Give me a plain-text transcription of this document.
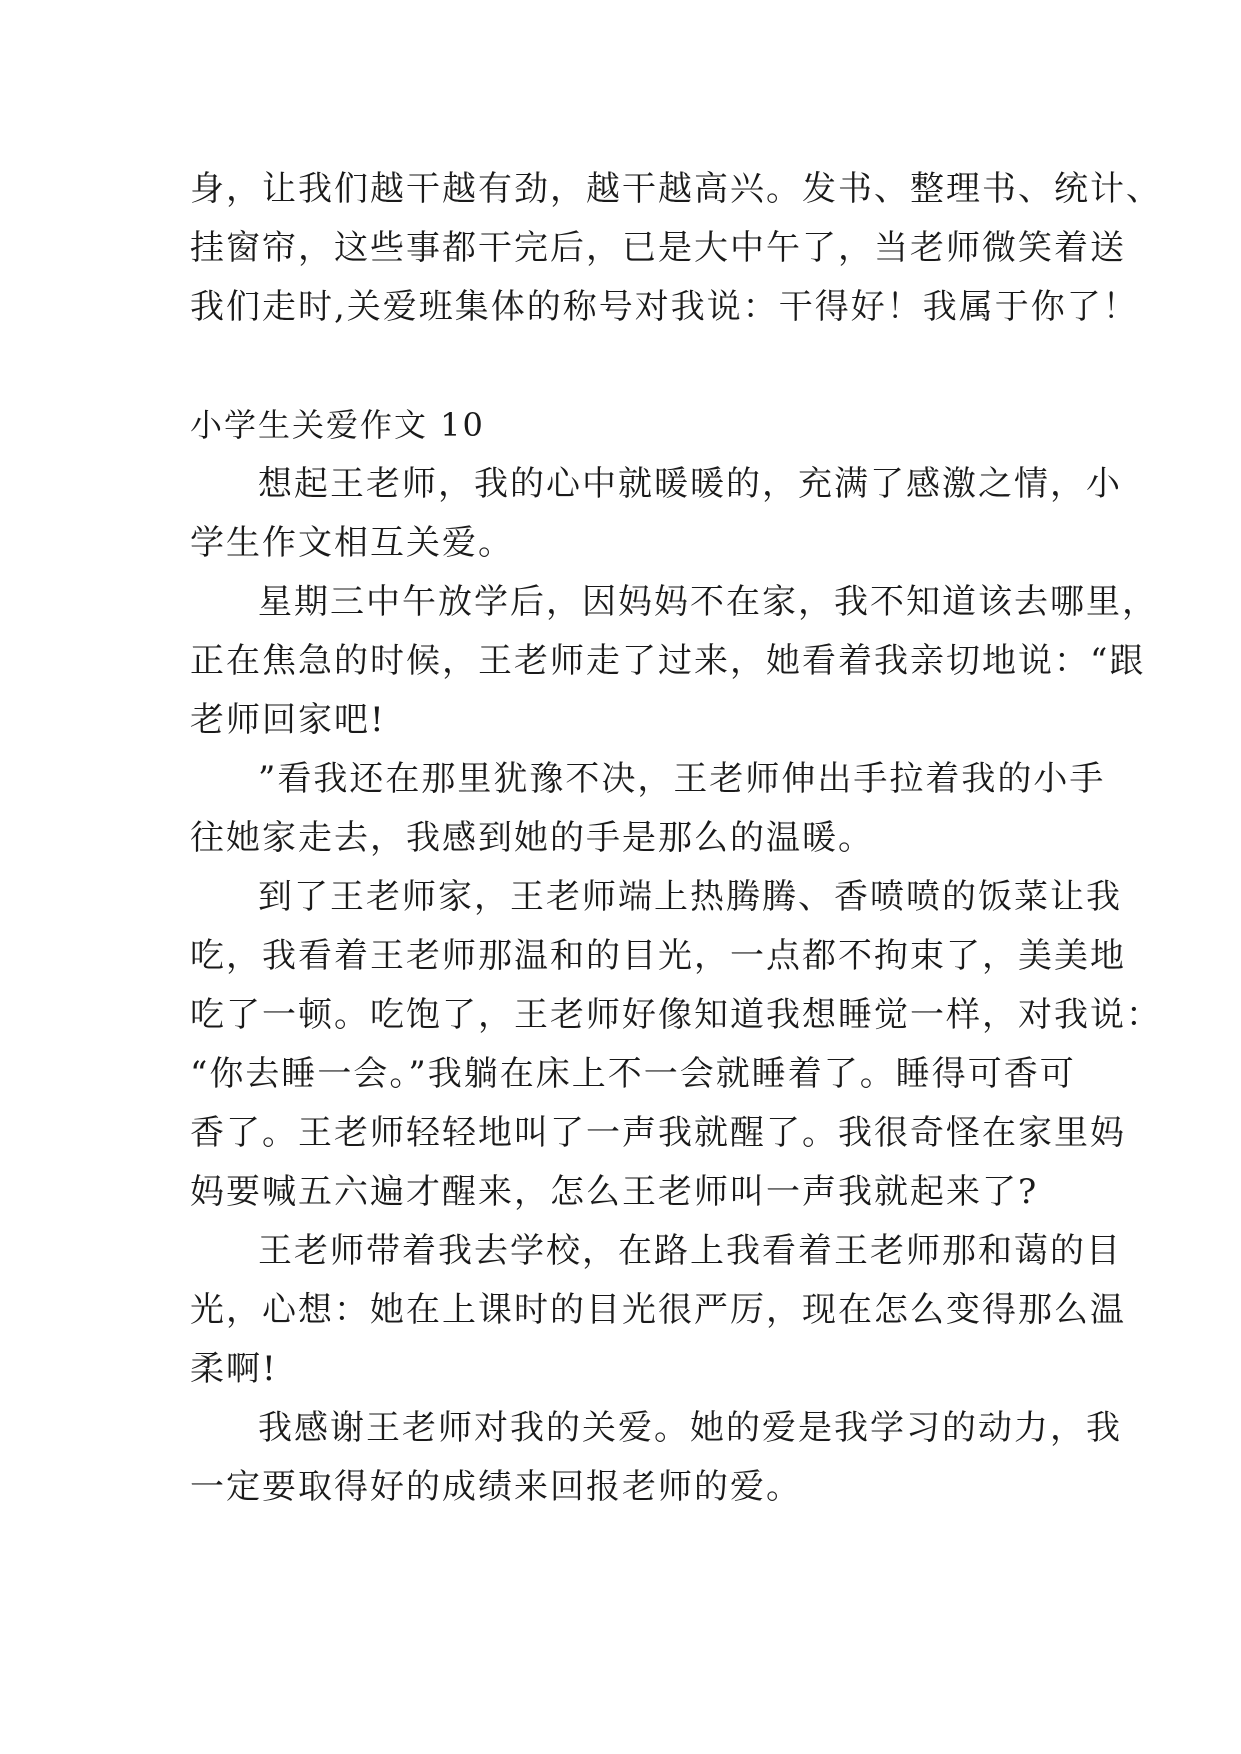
身，让我们越干越有劲，越干越高兴。发书、整理书、统计、
挂窗帘，这些事都干完后，已是大中午了，当老师微笑着送
我们走时,关爱班集体的称号对我说：干得好！我属于你了！
小学生关爱作文 10
想起王老师，我的心中就暖暖的，充满了感激之情，小
学生作文相互关爱。
星期三中午放学后，因妈妈不在家，我不知道该去哪里，
正在焦急的时候，王老师走了过来，她看着我亲切地说：“跟
老师回家吧!
”看我还在那里犹豫不决，王老师伸出手拉着我的小手
往她家走去，我感到她的手是那么的温暖。
到了王老师家，王老师端上热腾腾、香喷喷的饭菜让我
吃，我看着王老师那温和的目光，一点都不拘束了，美美地
吃了一顿。吃饱了，王老师好像知道我想睡觉一样，对我说：
“你去睡一会。”我躺在床上不一会就睡着了。睡得可香可
香了。王老师轻轻地叫了一声我就醒了。我很奇怪在家里妈
妈要喊五六遍才醒来，怎么王老师叫一声我就起来了?
王老师带着我去学校，在路上我看着王老师那和蔼的目
光，心想：她在上课时的目光很严厉，现在怎么变得那么温
柔啊!
我感谢王老师对我的关爱。她的爱是我学习的动力，我
一定要取得好的成绩来回报老师的爱。
